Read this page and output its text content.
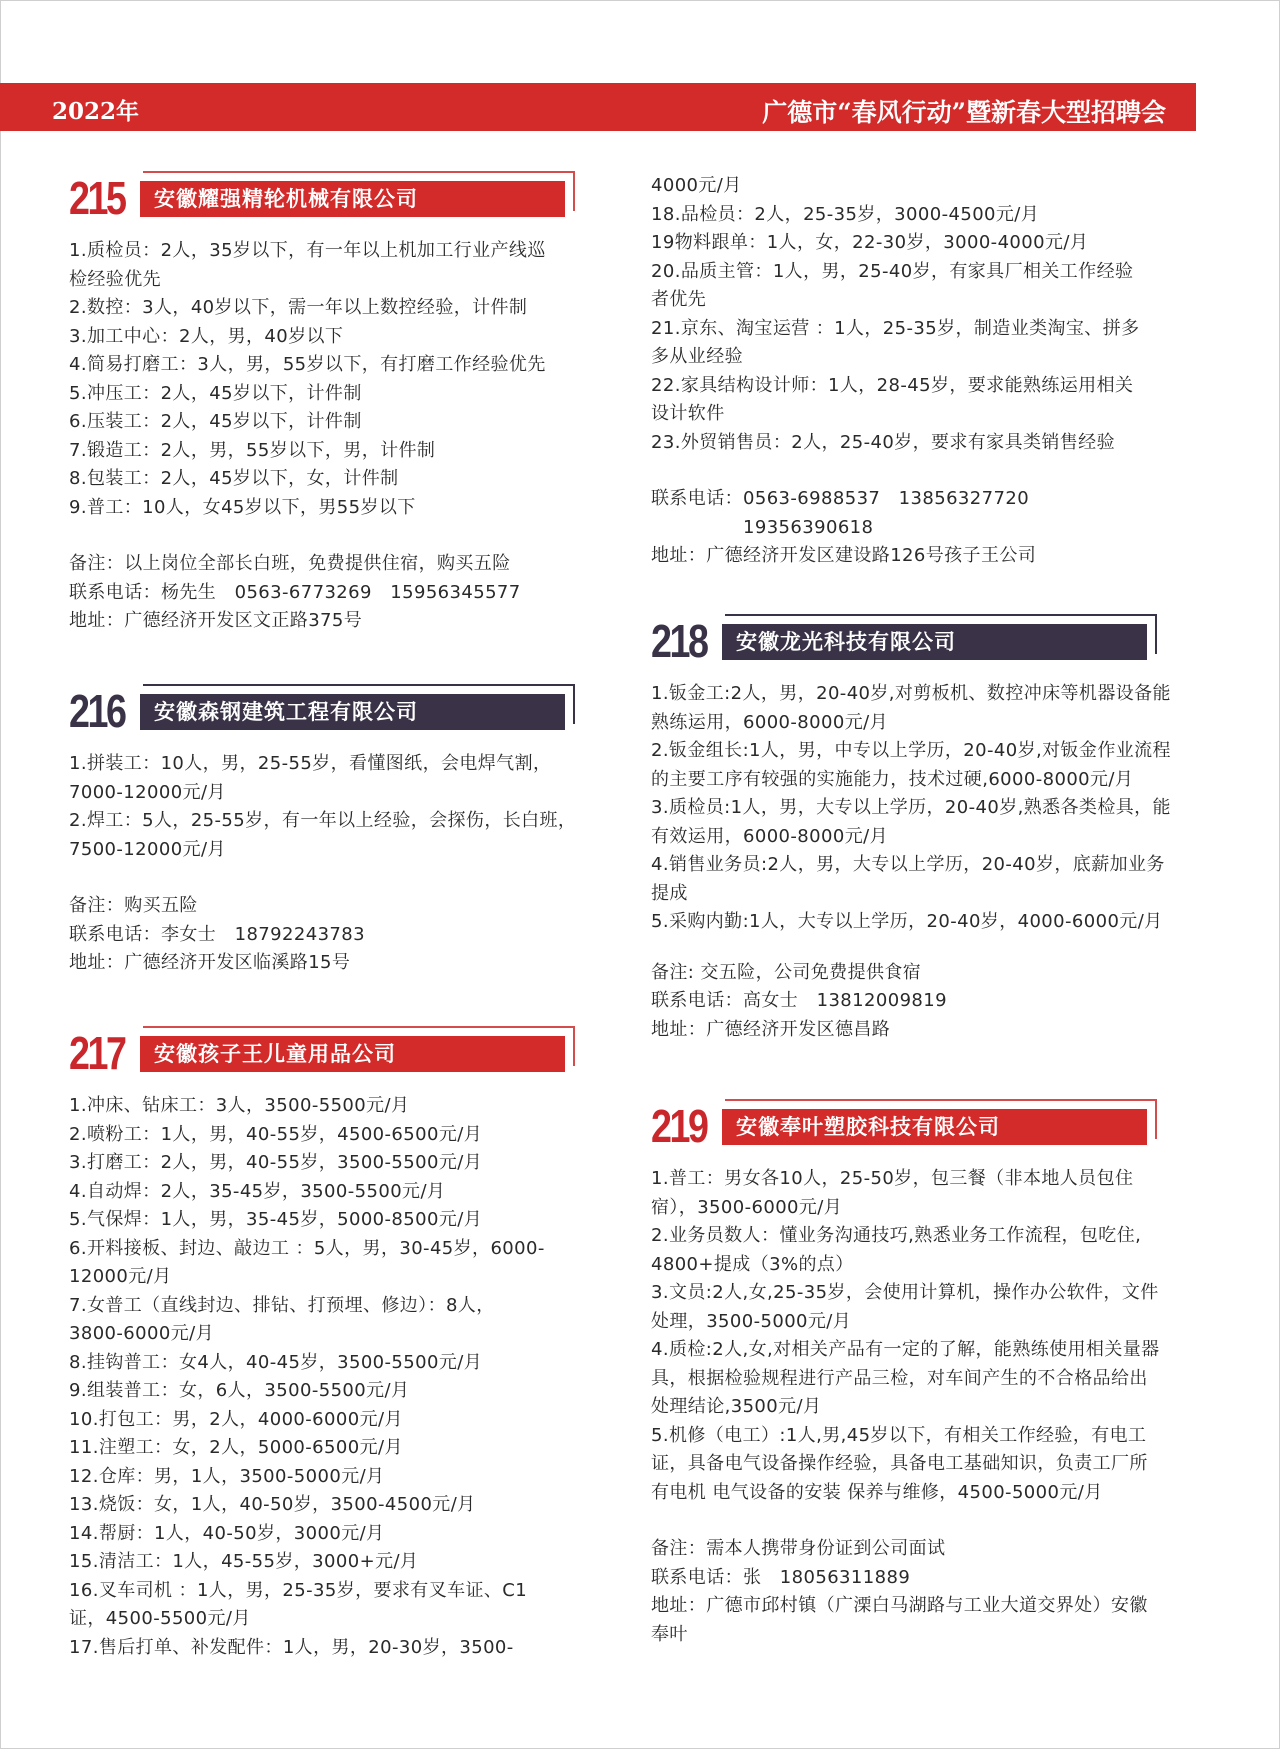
2022年	广德市“春风行动”暨新春大型招聘会
215	安徽耀强精轮机械有限公司
1.质检员：2人，35岁以下，有一年以上机加工行业产线巡
检经验优先
2.数控：3人，40岁以下，需一年以上数控经验，计件制
3.加工中心：2人，男，40岁以下
4.简易打磨工：3人，男，55岁以下，有打磨工作经验优先
5.冲压工：2人，45岁以下，计件制
6.压装工：2人，45岁以下，计件制
7.锻造工：2人，男，55岁以下，男，计件制
8.包装工：2人，45岁以下，女，计件制
9.普工：10人，女45岁以下，男55岁以下
备注：以上岗位全部长白班，免费提供住宿，购买五险
联系电话：杨先生　0563-6773269　15956345577
地址：广德经济开发区文正路375号
216	安徽森钢建筑工程有限公司
1.拼装工：10人，男，25-55岁，看懂图纸，会电焊气割，
7000-12000元/月
2.焊工：5人，25-55岁，有一年以上经验，会探伤，长白班，
7500-12000元/月
备注：购买五险
联系电话：李女士　18792243783
地址：广德经济开发区临溪路15号
217	安徽孩子王儿童用品公司
1.冲床、钻床工：3人，3500-5500元/月
2.喷粉工：1人，男，40-55岁，4500-6500元/月
3.打磨工：2人，男，40-55岁，3500-5500元/月
4.自动焊：2人，35-45岁，3500-5500元/月
5.气保焊：1人，男，35-45岁，5000-8500元/月
6.开料接板、封边、敲边工 ：5人，男，30-45岁，6000-
12000元/月
7.女普工（直线封边、排钻、打预埋、修边）：8人，
3800-6000元/月
8.挂钩普工：女4人，40-45岁，3500-5500元/月
9.组装普工：女，6人，3500-5500元/月
10.打包工：男，2人，4000-6000元/月
11.注塑工：女，2人，5000-6500元/月
12.仓库：男，1人，3500-5000元/月
13.烧饭：女，1人，40-50岁，3500-4500元/月
14.帮厨：1人，40-50岁，3000元/月
15.清洁工：1人，45-55岁，3000+元/月
16.叉车司机 ：1人，男，25-35岁，要求有叉车证、C1
证，4500-5500元/月
17.售后打单、补发配件：1人，男，20-30岁，3500-
4000元/月
18.品检员：2人，25-35岁，3000-4500元/月
19物料跟单：1人，女，22-30岁，3000-4000元/月
20.品质主管：1人，男，25-40岁，有家具厂相关工作经验
者优先
21.京东、淘宝运营 ：1人，25-35岁，制造业类淘宝、拼多
多从业经验
22.家具结构设计师：1人，28-45岁，要求能熟练运用相关
设计软件
23.外贸销售员：2人，25-40岁，要求有家具类销售经验
联系电话：0563-6988537　13856327720
　　　　　19356390618
地址：广德经济开发区建设路126号孩子王公司
218	安徽龙光科技有限公司
1.钣金工:2人，男，20-40岁,对剪板机、数控冲床等机器设备能
熟练运用，6000-8000元/月
2.钣金组长:1人，男，中专以上学历，20-40岁,对钣金作业流程
的主要工序有较强的实施能力，技术过硬,6000-8000元/月
3.质检员:1人，男，大专以上学历，20-40岁,熟悉各类检具，能
有效运用，6000-8000元/月
4.销售业务员:2人，男，大专以上学历，20-40岁，底薪加业务
提成
5.采购内勤:1人，大专以上学历，20-40岁，4000-6000元/月
备注: 交五险，公司免费提供食宿
联系电话：高女士　13812009819
地址：广德经济开发区德昌路
219	安徽奉叶塑胶科技有限公司
1.普工：男女各10人，25-50岁，包三餐（非本地人员包住
宿），3500-6000元/月
2.业务员数人：懂业务沟通技巧,熟悉业务工作流程，包吃住,
4800+提成（3%的点）
3.文员:2人,女,25-35岁，会使用计算机，操作办公软件，文件
处理，3500-5000元/月
4.质检:2人,女,对相关产品有一定的了解，能熟练使用相关量器
具，根据检验规程进行产品三检，对车间产生的不合格品给出
处理结论,3500元/月
5.机修（电工）:1人,男,45岁以下，有相关工作经验，有电工
证，具备电气设备操作经验，具备电工基础知识，负责工厂所
有电机 电气设备的安装 保养与维修，4500-5000元/月
备注：需本人携带身份证到公司面试
联系电话：张　18056311889
地址：广德市邱村镇（广溧白马湖路与工业大道交界处）安徽
奉叶
